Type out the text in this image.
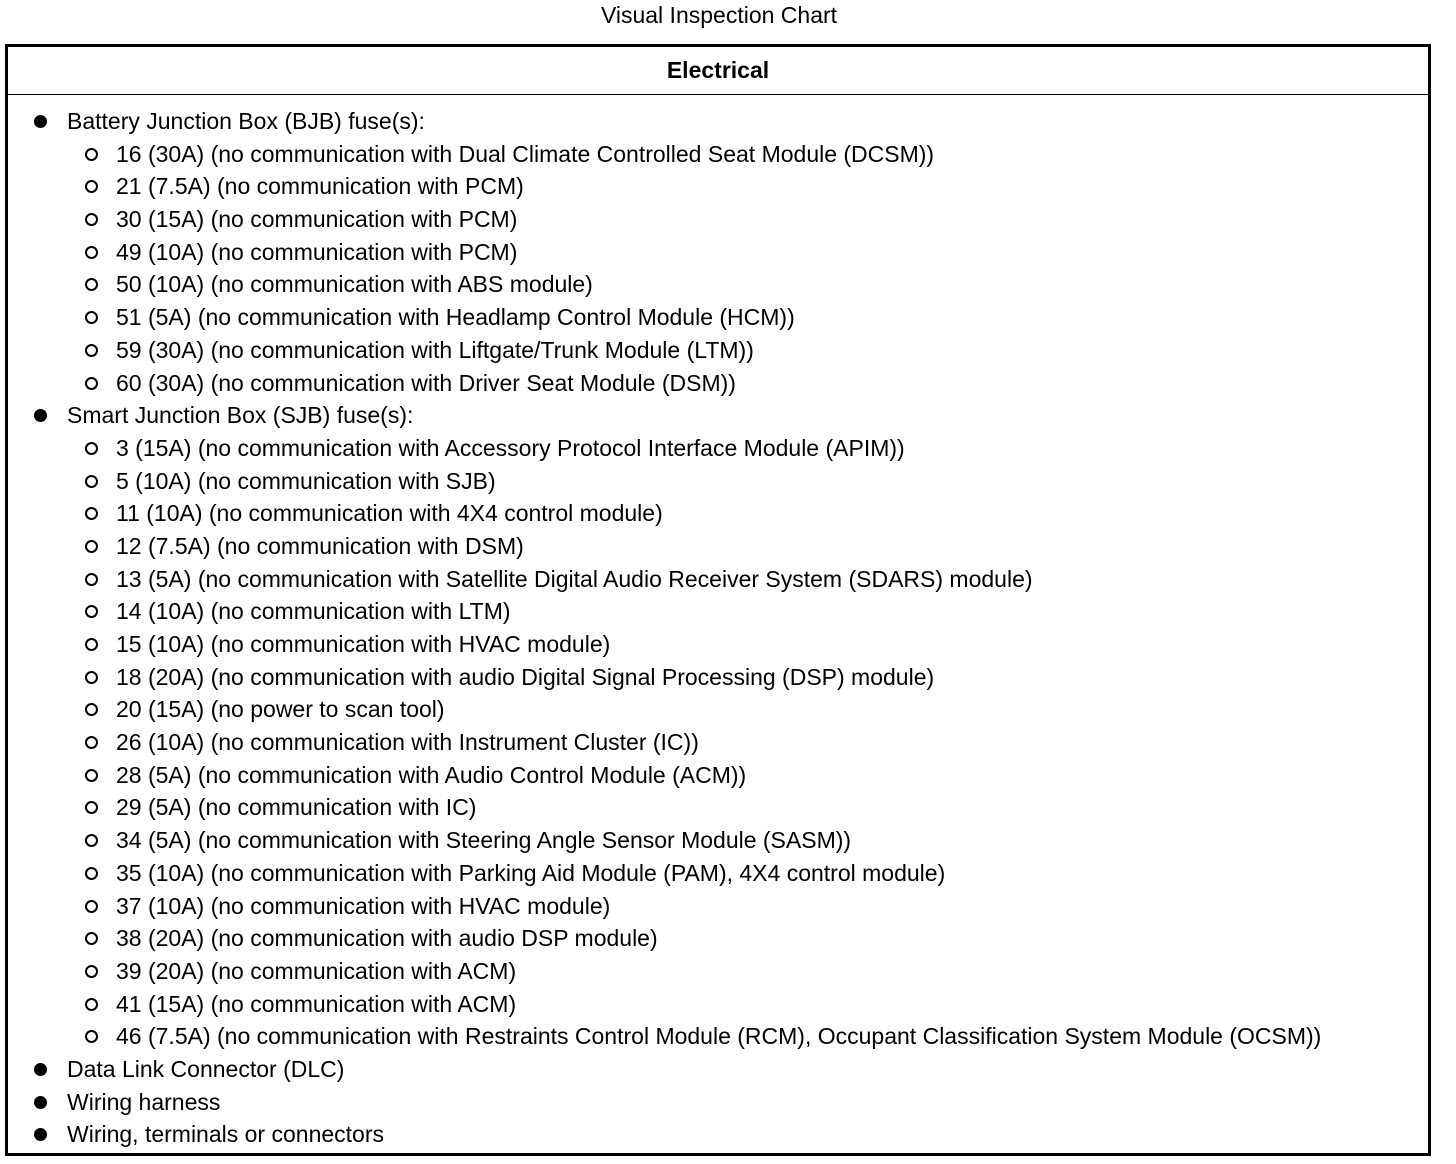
Visual Inspection Chart
Electrical
Battery Junction Box (BJB) fuse(s):
16 (30A) (no communication with Dual Climate Controlled Seat Module (DCSM))
21 (7.5A) (no communication with PCM)
30 (15A) (no communication with PCM)
49 (10A) (no communication with PCM)
50 (10A) (no communication with ABS module)
51 (5A) (no communication with Headlamp Control Module (HCM))
59 (30A) (no communication with Liftgate/Trunk Module (LTM))
60 (30A) (no communication with Driver Seat Module (DSM))
Smart Junction Box (SJB) fuse(s):
3 (15A) (no communication with Accessory Protocol Interface Module (APIM))
5 (10A) (no communication with SJB)
11 (10A) (no communication with 4X4 control module)
12 (7.5A) (no communication with DSM)
13 (5A) (no communication with Satellite Digital Audio Receiver System (SDARS) module)
14 (10A) (no communication with LTM)
15 (10A) (no communication with HVAC module)
18 (20A) (no communication with audio Digital Signal Processing (DSP) module)
20 (15A) (no power to scan tool)
26 (10A) (no communication with Instrument Cluster (IC))
28 (5A) (no communication with Audio Control Module (ACM))
29 (5A) (no communication with IC)
34 (5A) (no communication with Steering Angle Sensor Module (SASM))
35 (10A) (no communication with Parking Aid Module (PAM), 4X4 control module)
37 (10A) (no communication with HVAC module)
38 (20A) (no communication with audio DSP module)
39 (20A) (no communication with ACM)
41 (15A) (no communication with ACM)
46 (7.5A) (no communication with Restraints Control Module (RCM), Occupant Classification System Module (OCSM))
Data Link Connector (DLC)
Wiring harness
Wiring, terminals or connectors
